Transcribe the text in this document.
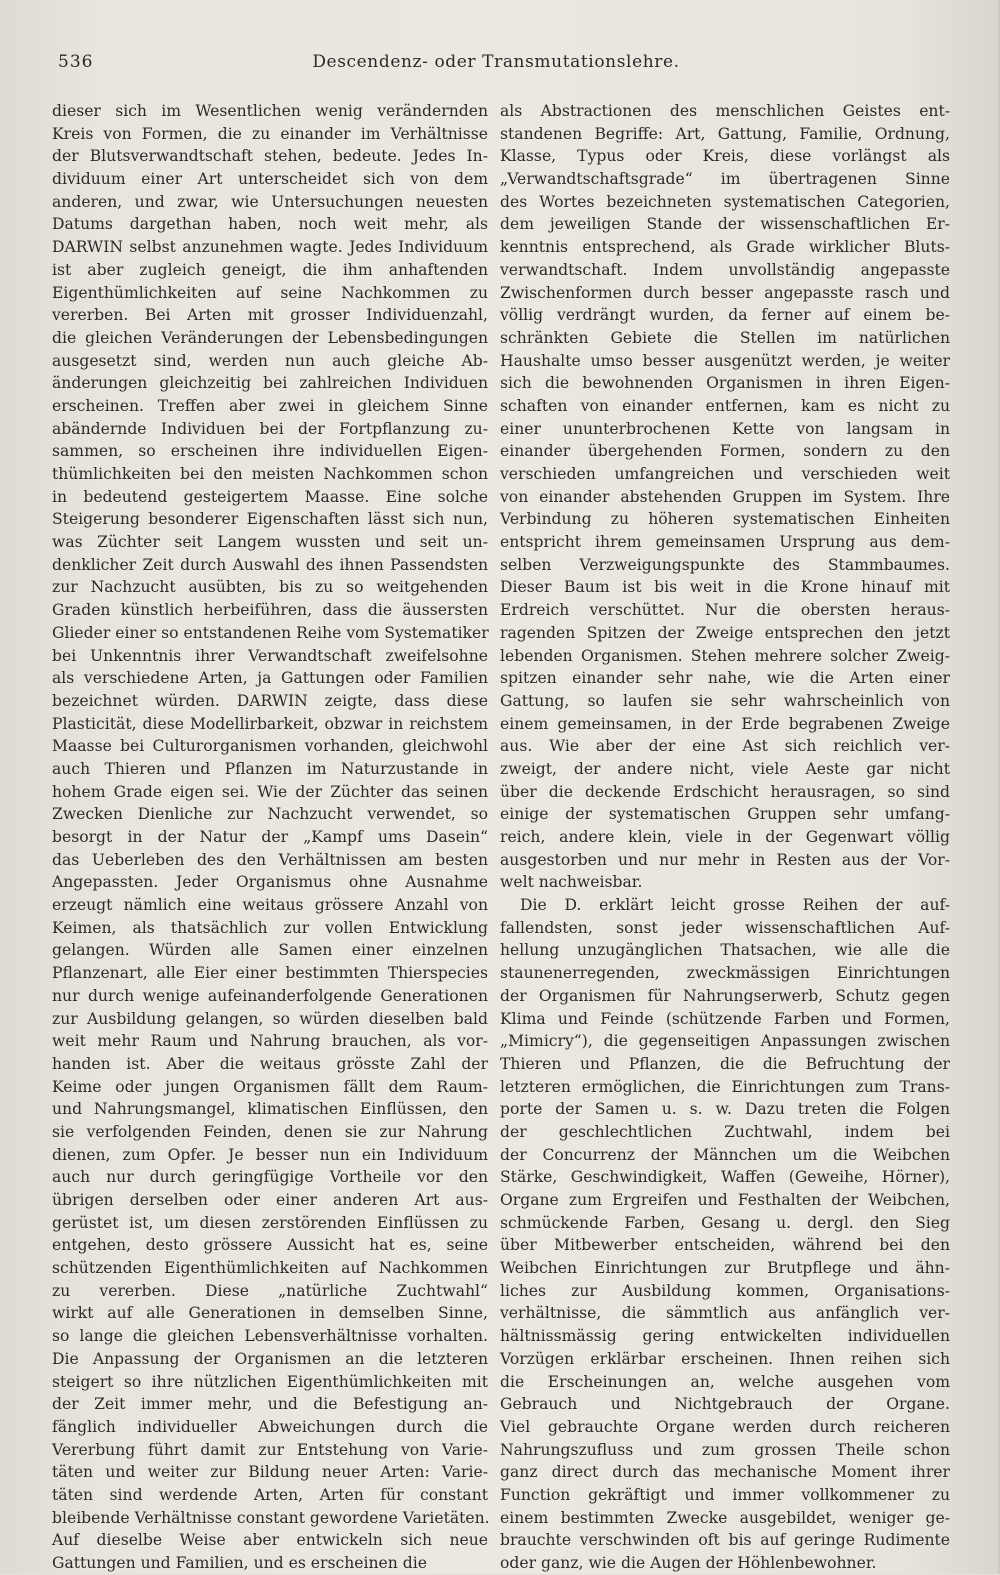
536	Descendenz- oder Transmutationslehre.
dieser sich im Wesentlichen wenig verändernden
Kreis von Formen, die zu einander im Verhältnisse
der Blutsverwandtschaft stehen, bedeute. Jedes In-
dividuum einer Art unterscheidet sich von dem
anderen, und zwar, wie Untersuchungen neuesten
Datums dargethan haben, noch weit mehr, als
DARWIN selbst anzunehmen wagte. Jedes Individuum
ist aber zugleich geneigt, die ihm anhaftenden
Eigenthümlichkeiten auf seine Nachkommen zu
vererben. Bei Arten mit grosser Individuenzahl,
die gleichen Veränderungen der Lebensbedingungen
ausgesetzt sind, werden nun auch gleiche Ab-
änderungen gleichzeitig bei zahlreichen Individuen
erscheinen. Treffen aber zwei in gleichem Sinne
abändernde Individuen bei der Fortpflanzung zu-
sammen, so erscheinen ihre individuellen Eigen-
thümlichkeiten bei den meisten Nachkommen schon
in bedeutend gesteigertem Maasse. Eine solche
Steigerung besonderer Eigenschaften lässt sich nun,
was Züchter seit Langem wussten und seit un-
denklicher Zeit durch Auswahl des ihnen Passendsten
zur Nachzucht ausübten, bis zu so weitgehenden
Graden künstlich herbeiführen, dass die äussersten
Glieder einer so entstandenen Reihe vom Systematiker
bei Unkenntnis ihrer Verwandtschaft zweifelsohne
als verschiedene Arten, ja Gattungen oder Familien
bezeichnet würden. DARWIN zeigte, dass diese
Plasticität, diese Modellirbarkeit, obzwar in reichstem
Maasse bei Culturorganismen vorhanden, gleichwohl
auch Thieren und Pflanzen im Naturzustande in
hohem Grade eigen sei. Wie der Züchter das seinen
Zwecken Dienliche zur Nachzucht verwendet, so
besorgt in der Natur der „Kampf ums Dasein“
das Ueberleben des den Verhältnissen am besten
Angepassten. Jeder Organismus ohne Ausnahme
erzeugt nämlich eine weitaus grössere Anzahl von
Keimen, als thatsächlich zur vollen Entwicklung
gelangen. Würden alle Samen einer einzelnen
Pflanzenart, alle Eier einer bestimmten Thierspecies
nur durch wenige aufeinanderfolgende Generationen
zur Ausbildung gelangen, so würden dieselben bald
weit mehr Raum und Nahrung brauchen, als vor-
handen ist. Aber die weitaus grösste Zahl der
Keime oder jungen Organismen fällt dem Raum-
und Nahrungsmangel, klimatischen Einflüssen, den
sie verfolgenden Feinden, denen sie zur Nahrung
dienen, zum Opfer. Je besser nun ein Individuum
auch nur durch geringfügige Vortheile vor den
übrigen derselben oder einer anderen Art aus-
gerüstet ist, um diesen zerstörenden Einflüssen zu
entgehen, desto grössere Aussicht hat es, seine
schützenden Eigenthümlichkeiten auf Nachkommen
zu vererben. Diese „natürliche Zuchtwahl“
wirkt auf alle Generationen in demselben Sinne,
so lange die gleichen Lebensverhältnisse vorhalten.
Die Anpassung der Organismen an die letzteren
steigert so ihre nützlichen Eigenthümlichkeiten mit
der Zeit immer mehr, und die Befestigung an-
fänglich individueller Abweichungen durch die
Vererbung führt damit zur Entstehung von Varie-
täten und weiter zur Bildung neuer Arten: Varie-
täten sind werdende Arten, Arten für constant
bleibende Verhältnisse constant gewordene Varietäten.
Auf dieselbe Weise aber entwickeln sich neue
Gattungen und Familien, und es erscheinen die
als Abstractionen des menschlichen Geistes ent-
standenen Begriffe: Art, Gattung, Familie, Ordnung,
Klasse, Typus oder Kreis, diese vorlängst als
„Verwandtschaftsgrade“ im übertragenen Sinne
des Wortes bezeichneten systematischen Categorien,
dem jeweiligen Stande der wissenschaftlichen Er-
kenntnis entsprechend, als Grade wirklicher Bluts-
verwandtschaft. Indem unvollständig angepasste
Zwischenformen durch besser angepasste rasch und
völlig verdrängt wurden, da ferner auf einem be-
schränkten Gebiete die Stellen im natürlichen
Haushalte umso besser ausgenützt werden, je weiter
sich die bewohnenden Organismen in ihren Eigen-
schaften von einander entfernen, kam es nicht zu
einer ununterbrochenen Kette von langsam in
einander übergehenden Formen, sondern zu den
verschieden umfangreichen und verschieden weit
von einander abstehenden Gruppen im System. Ihre
Verbindung zu höheren systematischen Einheiten
entspricht ihrem gemeinsamen Ursprung aus dem-
selben Verzweigungspunkte des Stammbaumes.
Dieser Baum ist bis weit in die Krone hinauf mit
Erdreich verschüttet. Nur die obersten heraus-
ragenden Spitzen der Zweige entsprechen den jetzt
lebenden Organismen. Stehen mehrere solcher Zweig-
spitzen einander sehr nahe, wie die Arten einer
Gattung, so laufen sie sehr wahrscheinlich von
einem gemeinsamen, in der Erde begrabenen Zweige
aus. Wie aber der eine Ast sich reichlich ver-
zweigt, der andere nicht, viele Aeste gar nicht
über die deckende Erdschicht herausragen, so sind
einige der systematischen Gruppen sehr umfang-
reich, andere klein, viele in der Gegenwart völlig
ausgestorben und nur mehr in Resten aus der Vor-
welt nachweisbar.
Die D. erklärt leicht grosse Reihen der auf-
fallendsten, sonst jeder wissenschaftlichen Auf-
hellung unzugänglichen Thatsachen, wie alle die
staunenerregenden, zweckmässigen Einrichtungen
der Organismen für Nahrungserwerb, Schutz gegen
Klima und Feinde (schützende Farben und Formen,
„Mimicry“), die gegenseitigen Anpassungen zwischen
Thieren und Pflanzen, die die Befruchtung der
letzteren ermöglichen, die Einrichtungen zum Trans-
porte der Samen u. s. w. Dazu treten die Folgen
der geschlechtlichen Zuchtwahl, indem bei
der Concurrenz der Männchen um die Weibchen
Stärke, Geschwindigkeit, Waffen (Geweihe, Hörner),
Organe zum Ergreifen und Festhalten der Weibchen,
schmückende Farben, Gesang u. dergl. den Sieg
über Mitbewerber entscheiden, während bei den
Weibchen Einrichtungen zur Brutpflege und ähn-
liches zur Ausbildung kommen, Organisations-
verhältnisse, die sämmtlich aus anfänglich ver-
hältnissmässig gering entwickelten individuellen
Vorzügen erklärbar erscheinen. Ihnen reihen sich
die Erscheinungen an, welche ausgehen vom
Gebrauch und Nichtgebrauch der Organe.
Viel gebrauchte Organe werden durch reicheren
Nahrungszufluss und zum grossen Theile schon
ganz direct durch das mechanische Moment ihrer
Function gekräftigt und immer vollkommener zu
einem bestimmten Zwecke ausgebildet, weniger ge-
brauchte verschwinden oft bis auf geringe Rudimente
oder ganz, wie die Augen der Höhlenbewohner.
